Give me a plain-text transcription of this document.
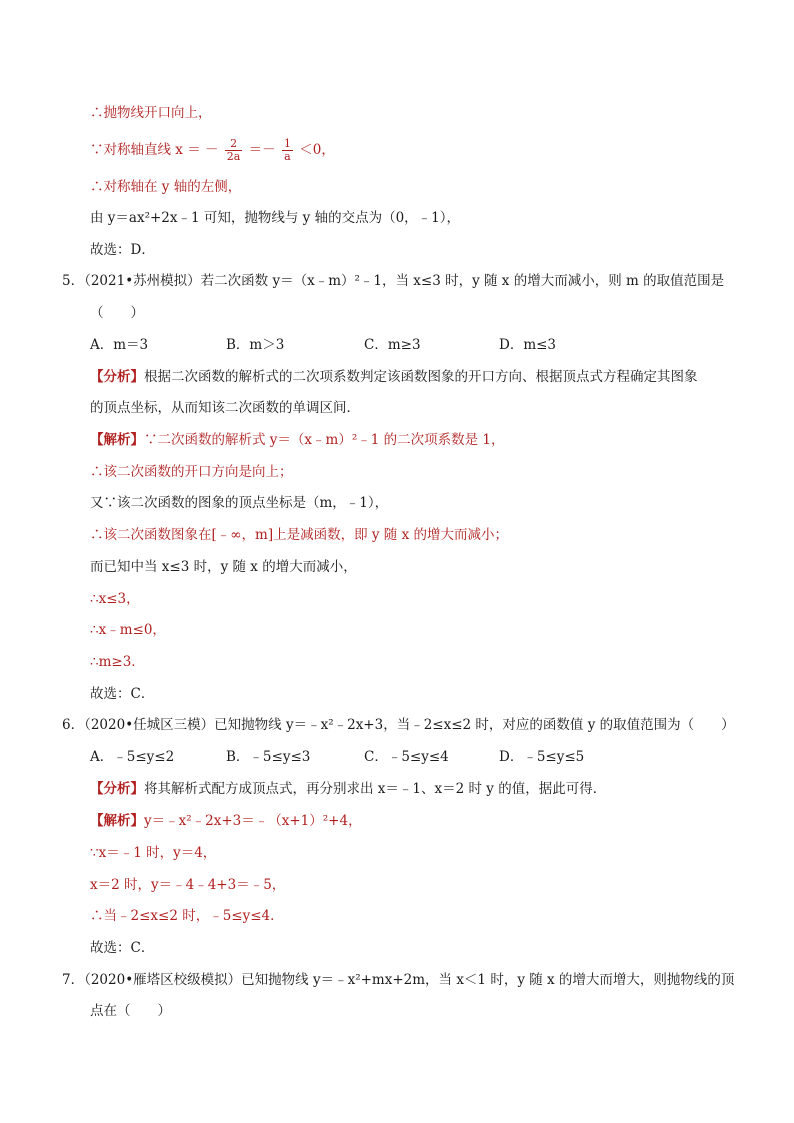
∴抛物线开口向上，
∵对称轴直线 x ＝ － $\frac{2}{2a} =- \frac{1}{a} <0$，
∴对称轴在 y 轴的左侧，
由 y＝ax²+2x﹣1 可知，抛物线与 y 轴的交点为（0，﹣1），
故选：D．
5．（2021•苏州模拟）若二次函数 y＝（x﹣m）²﹣1，当 x≤3 时，y 随 x 的增大而减小，则 m 的取值范围是
（　　）
A．m＝3	B．m＞3	C．m≥3	D．m≤3
【分析】根据二次函数的解析式的二次项系数判定该函数图象的开口方向、根据顶点式方程确定其图象
的顶点坐标，从而知该二次函数的单调区间．
【解析】∵二次函数的解析式 y＝（x﹣m）²﹣1 的二次项系数是 1，
∴该二次函数的开口方向是向上；
又∵该二次函数的图象的顶点坐标是（m，﹣1），
∴该二次函数图象在[﹣∞，m]上是减函数，即 y 随 x 的增大而减小；
而已知中当 x≤3 时，y 随 x 的增大而减小，
∴x≤3，
∴x﹣m≤0，
∴m≥3．
故选：C．
6．（2020•任城区三模）已知抛物线 y＝﹣x²﹣2x+3，当﹣2≤x≤2 时，对应的函数值 y 的取值范围为（　　）
A．﹣5≤y≤2	B．﹣5≤y≤3	C．﹣5≤y≤4	D．﹣5≤y≤5
【分析】将其解析式配方成顶点式，再分别求出 x＝﹣1、x＝2 时 y 的值，据此可得．
【解析】y＝﹣x²﹣2x+3＝﹣（x+1）²+4，
∵x＝﹣1 时，y＝4，
x＝2 时，y＝﹣4﹣4+3＝﹣5，
∴当﹣2≤x≤2 时，﹣5≤y≤4．
故选：C．
7．（2020•雁塔区校级模拟）已知抛物线 y＝﹣x²+mx+2m，当 x＜1 时，y 随 x 的增大而增大，则抛物线的顶
点在（　　）
